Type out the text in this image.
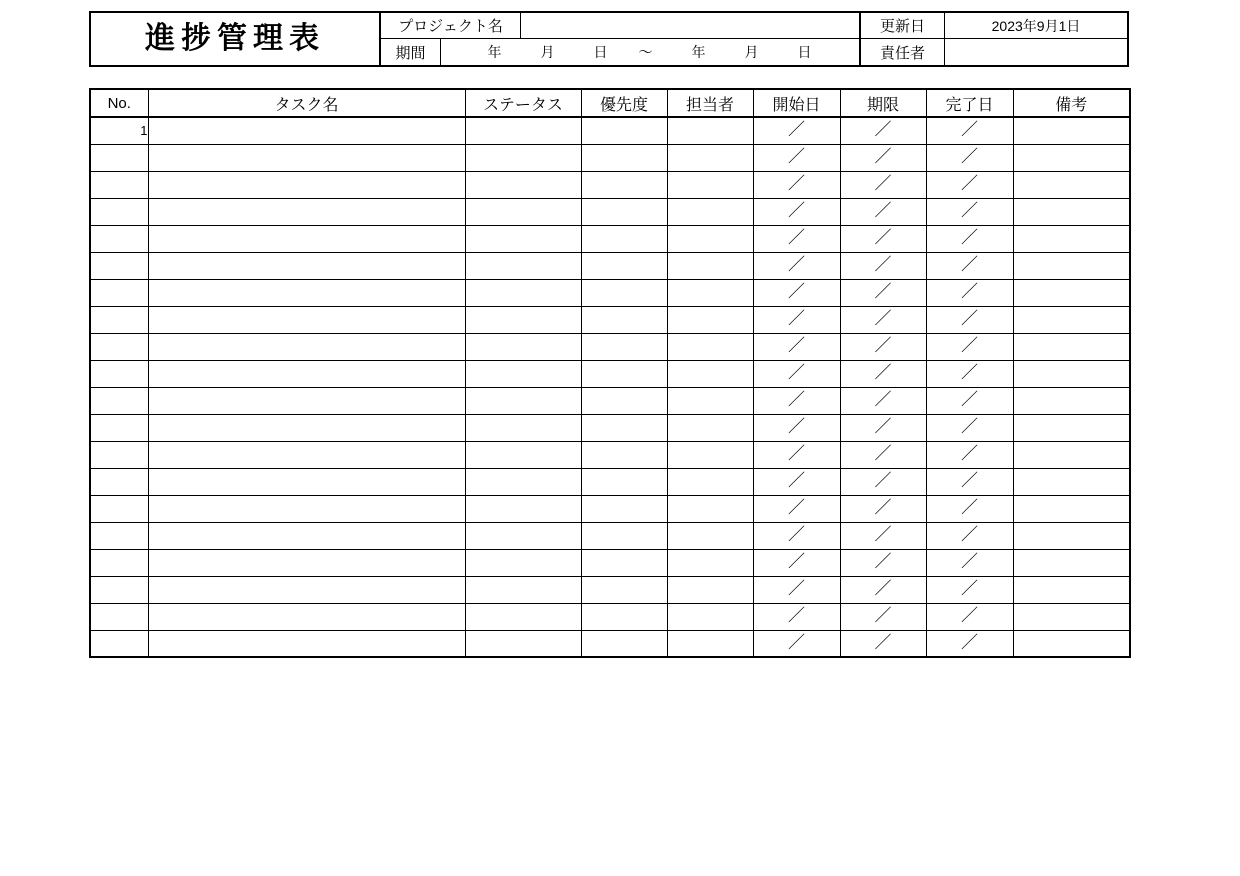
進捗管理表	プロジェクト名
期間	年	月	日 ～	年	月	日
更新日	2023年9月1日
責任者
No.	タスク名	ステータス	優先度	担当者	開始日	期限	完了日	備考
1					／	／	／	
					／	／	／	
					／	／	／	
					／	／	／	
					／	／	／	
					／	／	／	
					／	／	／	
					／	／	／	
					／	／	／	
					／	／	／	
					／	／	／	
					／	／	／	
					／	／	／	
					／	／	／	
					／	／	／	
					／	／	／	
					／	／	／	
					／	／	／	
					／	／	／	
					／	／	／	
